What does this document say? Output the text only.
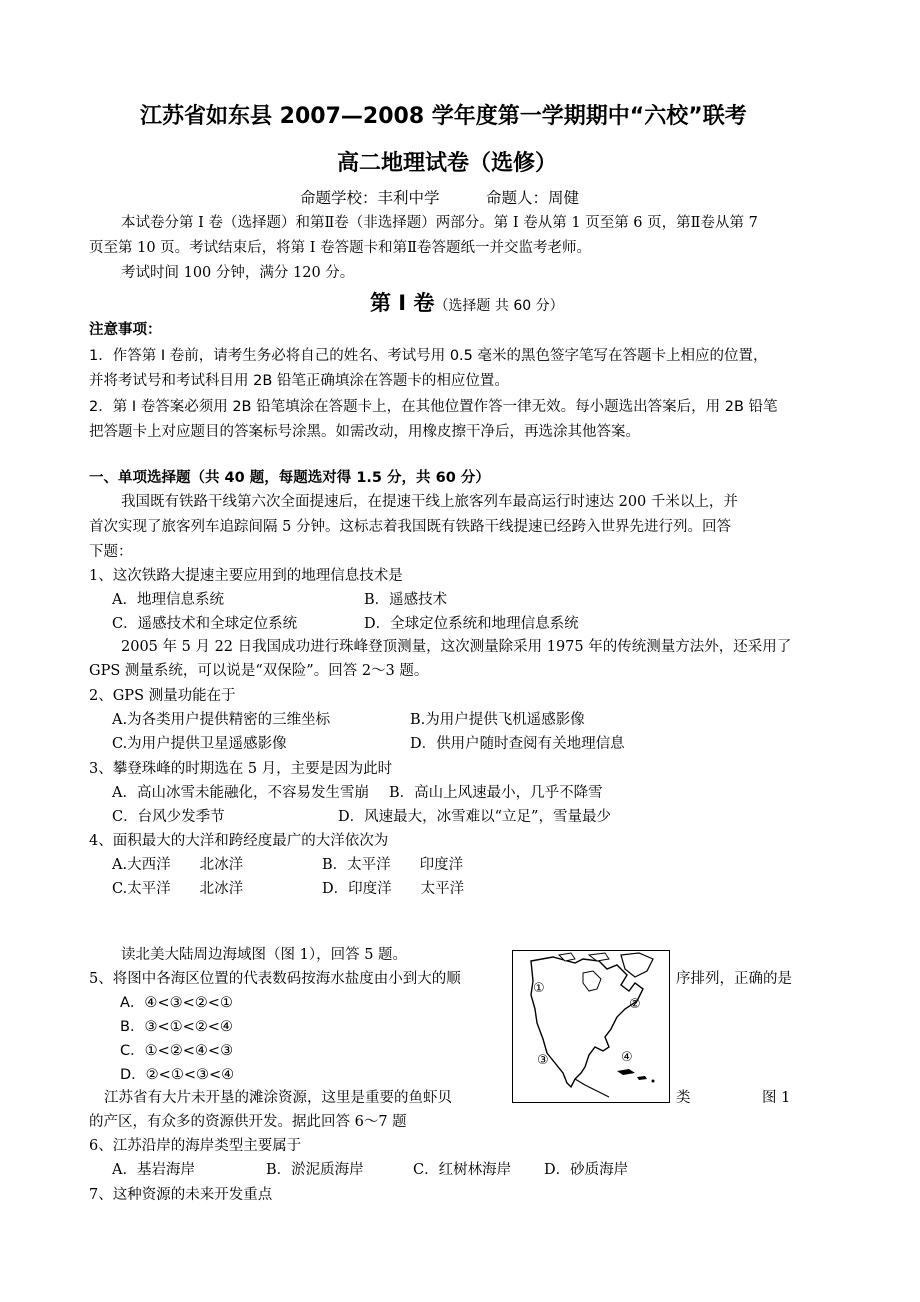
江苏省如东县 2007—2008 学年度第一学期期中“六校”联考
高二地理试卷（选修）
命题学校：丰利中学　　　命题人：周健
本试卷分第 I 卷（选择题）和第Ⅱ卷（非选择题）两部分。第 I 卷从第 1 页至第 6 页，第Ⅱ卷从第 7
页至第 10 页。考试结束后，将第 I 卷答题卡和第Ⅱ卷答题纸一并交监考老师。
考试时间 100 分钟，满分 120 分。
第 I 卷（选择题 共 60 分）
注意事项：
1．作答第 I 卷前，请考生务必将自己的姓名、考试号用 0.5 毫米的黑色签字笔写在答题卡上相应的位置，
并将考试号和考试科目用 2B 铅笔正确填涂在答题卡的相应位置。
2．第 I 卷答案必须用 2B 铅笔填涂在答题卡上，在其他位置作答一律无效。每小题选出答案后，用 2B 铅笔
把答题卡上对应题目的答案标号涂黑。如需改动，用橡皮擦干净后，再选涂其他答案。
一、单项选择题（共 40 题，每题选对得 1.5 分，共 60 分）
我国既有铁路干线第六次全面提速后，在提速干线上旅客列车最高运行时速达 200 千米以上，并
首次实现了旅客列车追踪间隔 5 分钟。这标志着我国既有铁路干线提速已经跨入世界先进行列。回答
下题：
1、这次铁路大提速主要应用到的地理信息技术是
A．地理信息系统	B．遥感技术
C．遥感技术和全球定位系统	D．全球定位系统和地理信息系统
2005 年 5 月 22 日我国成功进行珠峰登顶测量，这次测量除采用 1975 年的传统测量方法外，还采用了
GPS 测量系统，可以说是“双保险”。回答 2～3 题。
2、GPS 测量功能在于
A.为各类用户提供精密的三维坐标	B.为用户提供飞机遥感影像
C.为用户提供卫星遥感影像	D．供用户随时查阅有关地理信息
3、攀登珠峰的时期选在 5 月，主要是因为此时
A．高山冰雪未能融化，不容易发生雪崩 B．高山上风速最小，几乎不降雪
C．台风少发季节	D．风速最大，冰雪难以“立足”，雪量最少
4、面积最大的大洋和跨经度最广的大洋依次为
A.大西洋　　北冰洋	B．太平洋　　印度洋
C.太平洋　　北冰洋	D．印度洋　　太平洋
读北美大陆周边海域图（图 1），回答 5 题。
5、将图中各海区位置的代表数码按海水盐度由小到大的顺	序排列，正确的是
A．④<③<②<①
B．③<①<②<④
C．①<②<④<③
D．②<①<③<④
①
②
③	④
江苏省有大片未开垦的滩涂资源，这里是重要的鱼虾贝	类	图 1
的产区，有众多的资源供开发。据此回答 6～7 题
6、江苏沿岸的海岸类型主要属于
A．基岩海岸	B．淤泥质海岸	C．红树林海岸 D．砂质海岸
7、这种资源的未来开发重点
